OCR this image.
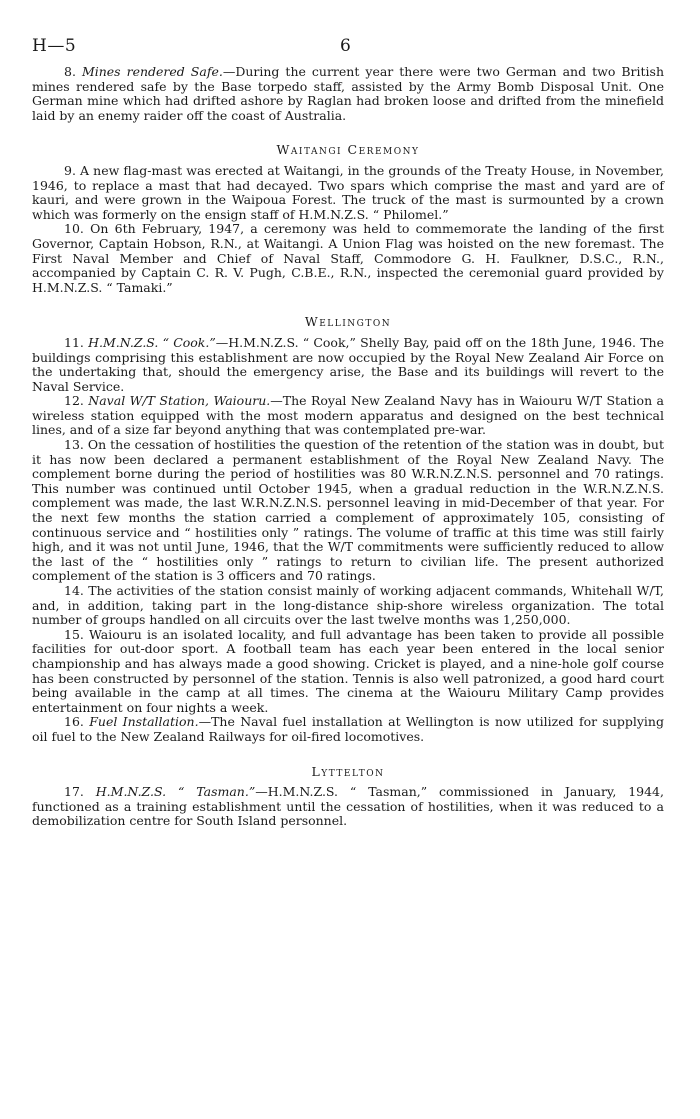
H—5	6

8. Mines rendered Safe.—During the current year there were two German and two British mines rendered safe by the Base torpedo staff, assisted by the Army Bomb Disposal Unit. One German mine which had drifted ashore by Raglan had broken loose and drifted from the minefield laid by an enemy raider off the coast of Australia.

Waitangi Ceremony

9. A new flag-mast was erected at Waitangi, in the grounds of the Treaty House, in November, 1946, to replace a mast that had decayed. Two spars which comprise the mast and yard are of kauri, and were grown in the Waipoua Forest. The truck of the mast is surmounted by a crown which was formerly on the ensign staff of H.M.N.Z.S. “ Philomel.”

10. On 6th February, 1947, a ceremony was held to commemorate the landing of the first Governor, Captain Hobson, R.N., at Waitangi. A Union Flag was hoisted on the new foremast. The First Naval Member and Chief of Naval Staff, Commodore G. H. Faulkner, D.S.C., R.N., accompanied by Captain C. R. V. Pugh, C.B.E., R.N., inspected the ceremonial guard provided by H.M.N.Z.S. “ Tamaki.”

Wellington

11. H.M.N.Z.S. “ Cook.”—H.M.N.Z.S. “ Cook,” Shelly Bay, paid off on the 18th June, 1946. The buildings comprising this establishment are now occupied by the Royal New Zealand Air Force on the undertaking that, should the emergency arise, the Base and its buildings will revert to the Naval Service.

12. Naval W/T Station, Waiouru.—The Royal New Zealand Navy has in Waiouru W/T Station a wireless station equipped with the most modern apparatus and designed on the best technical lines, and of a size far beyond anything that was contemplated pre-war.

13. On the cessation of hostilities the question of the retention of the station was in doubt, but it has now been declared a permanent establishment of the Royal New Zealand Navy. The complement borne during the period of hostilities was 80 W.R.N.Z.N.S. personnel and 70 ratings. This number was continued until October 1945, when a gradual reduction in the W.R.N.Z.N.S. complement was made, the last W.R.N.Z.N.S. personnel leaving in mid-December of that year. For the next few months the station carried a complement of approximately 105, consisting of continuous service and “ hostilities only ” ratings. The volume of traffic at this time was still fairly high, and it was not until June, 1946, that the W/T commitments were sufficiently reduced to allow the last of the “ hostilities only ” ratings to return to civilian life. The present authorized complement of the station is 3 officers and 70 ratings.

14. The activities of the station consist mainly of working adjacent commands, Whitehall W/T, and, in addition, taking part in the long-distance ship-shore wireless organization. The total number of groups handled on all circuits over the last twelve months was 1,250,000.

15. Waiouru is an isolated locality, and full advantage has been taken to provide all possible facilities for out-door sport. A football team has each year been entered in the local senior championship and has always made a good showing. Cricket is played, and a nine-hole golf course has been constructed by personnel of the station. Tennis is also well patronized, a good hard court being available in the camp at all times. The cinema at the Waiouru Military Camp provides entertainment on four nights a week.

16. Fuel Installation.—The Naval fuel installation at Wellington is now utilized for supplying oil fuel to the New Zealand Railways for oil-fired locomotives.

Lyttelton

17. H.M.N.Z.S. “ Tasman.”—H.M.N.Z.S. “ Tasman,” commissioned in January, 1944, functioned as a training establishment until the cessation of hostilities, when it was reduced to a demobilization centre for South Island personnel.
